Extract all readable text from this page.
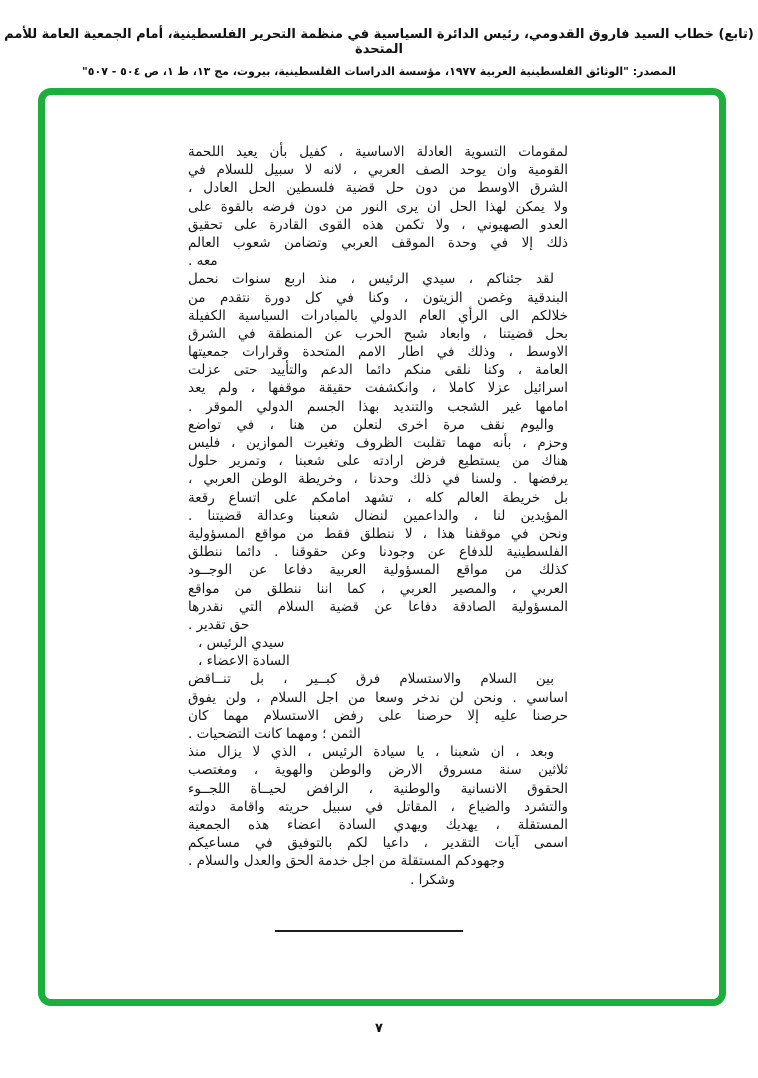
(تابع) خطاب السيد فاروق القدومي، رئيس الدائرة السياسية في منظمة التحرير الفلسطينية، أمام الجمعية العامة للأمم المتحدة
المصدر: "الوثائق الفلسطينية العربية ١٩٧٧، مؤسسة الدراسات الفلسطينية، بيروت، مج ١٣، ط ١، ص ٥٠٤ - ٥٠٧"
لمقومات التسوية العادلة الاساسية ، كفيل بأن يعيد اللحمة
القومية وان يوحد الصف العربي ، لانه لا سبيل للسلام في
الشرق الاوسط من دون حل قضية فلسطين الحل العادل ،
ولا يمكن لهذا الحل ان يرى النور من دون فرضه بالقوة على
العدو الصهيوني ، ولا تكمن هذه القوى القادرة على تحقيق
ذلك إلا في وحدة الموقف العربي وتضامن شعوب العالم
معه .
لقد جئناكم ، سيدي الرئيس ، منذ اربع سنوات نحمل
البندقية وغصن الزيتون ، وكنا في كل دورة نتقدم من
خلالكم الى الرأي العام الدولي بالمبادرات السياسية الكفيلة
بحل قضيتنا ، وابعاد شبح الحرب عن المنطقة في الشرق
الاوسط ، وذلك في اطار الامم المتحدة وقرارات جمعيتها
العامة ، وكنا نلقى منكم دائما الدعم والتأييد حتى عزلت
اسرائيل عزلا كاملا ، وانكشفت حقيقة موقفها ، ولم يعد
امامها غير الشجب والتنديد بهذا الجسم الدولي الموقر .
واليوم نقف مرة اخرى لنعلن من هنا ، في تواضع
وحزم ، بأنه مهما تقلبت الظروف وتغيرت الموازين ، فليس
هناك من يستطيع فرض ارادته على شعبنا ، وتمرير حلول
يرفضها . ولسنا في ذلك وحدنا ، وخريطة الوطن العربي ،
بل خريطة العالم كله ، تشهد امامكم على اتساع رقعة
المؤيدين لنا ، والداعمين لنضال شعبنا وعدالة قضيتنا .
ونحن في موقفنا هذا ، لا ننطلق فقط من مواقع المسؤولية
الفلسطينية للدفاع عن وجودنا وعن حقوقنا . دائما ننطلق
كذلك من مواقع المسؤولية العربية دفاعا عن الوجــود
العربي ، والمصير العربي ، كما اننا ننطلق من مواقع
المسؤولية الصادقة دفاعا عن قضية السلام التي نقدرها
حق تقدير .
سيدي الرئيس ،
السادة الاعضاء ،
بين السلام والاستسلام فرق كبــير ، بل تنــاقض
اساسي . ونحن لن ندخر وسعا من اجل السلام ، ولن يفوق
حرصنا عليه إلا حرصنا على رفض الاستسلام مهما كان
الثمن ؛ ومهما كانت التضحيات .
وبعد ، ان شعبنا ، يا سيادة الرئيس ، الذي لا يزال منذ
ثلاثين سنة مسروق الارض والوطن والهوية ، ومغتصب
الحقوق الانسانية والوطنية ، الرافض لحيــاة اللجــوء
والتشرد والضياع ، المقاتل في سبيل حريته واقامة دولته
المستقلة ، يهديك ويهدي السادة اعضاء هذه الجمعية
اسمى آيات التقدير ، داعيا لكم بالتوفيق في مساعيكم
وجهودكم المستقلة من اجل خدمة الحق والعدل والسلام .
وشكرا .
٧
